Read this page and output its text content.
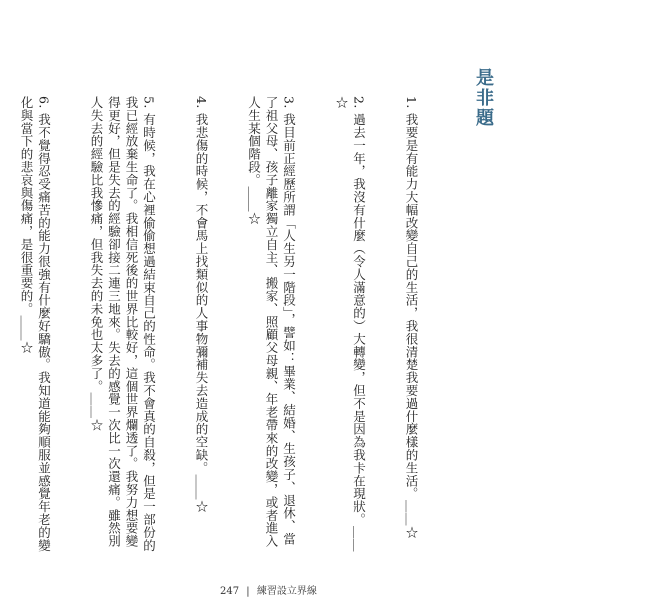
是非題

1. 我要是有能力大幅改變自己的生活，我很清楚我要過什麼樣的生活。＿＿☆

2. 過去一年，我沒有什麼（令人滿意的）大轉變，但不是因為我卡在現狀。＿＿☆

3. 我目前正經歷所謂「人生另一階段」，譬如：畢業、結婚、生孩子、退休、當了祖父母、孩子離家獨立自主、搬家、照顧父母親、年老帶來的改變，或者進入人生某個階段。＿＿☆

4. 我悲傷的時候，不會馬上找類似的人事物彌補失去造成的空缺。＿＿☆

5. 有時候，我在心裡偷偷想過結束自己的性命。我不會真的自殺，但是一部份的我已經放棄生命了。我相信死後的世界比較好，這個世界爛透了。我努力想要變得更好，但是失去的經驗卻接二連三地來。失去的感覺一次比一次還痛。雖然別人失去的經驗比我慘痛，但我失去的未免也太多了。＿＿☆

6. 我不覺得忍受痛苦的能力很強有什麼好驕傲。我知道能夠順服並感覺年老的變化與當下的悲哀與傷痛，是很重要的。＿＿☆

247 | 練習設立界線
